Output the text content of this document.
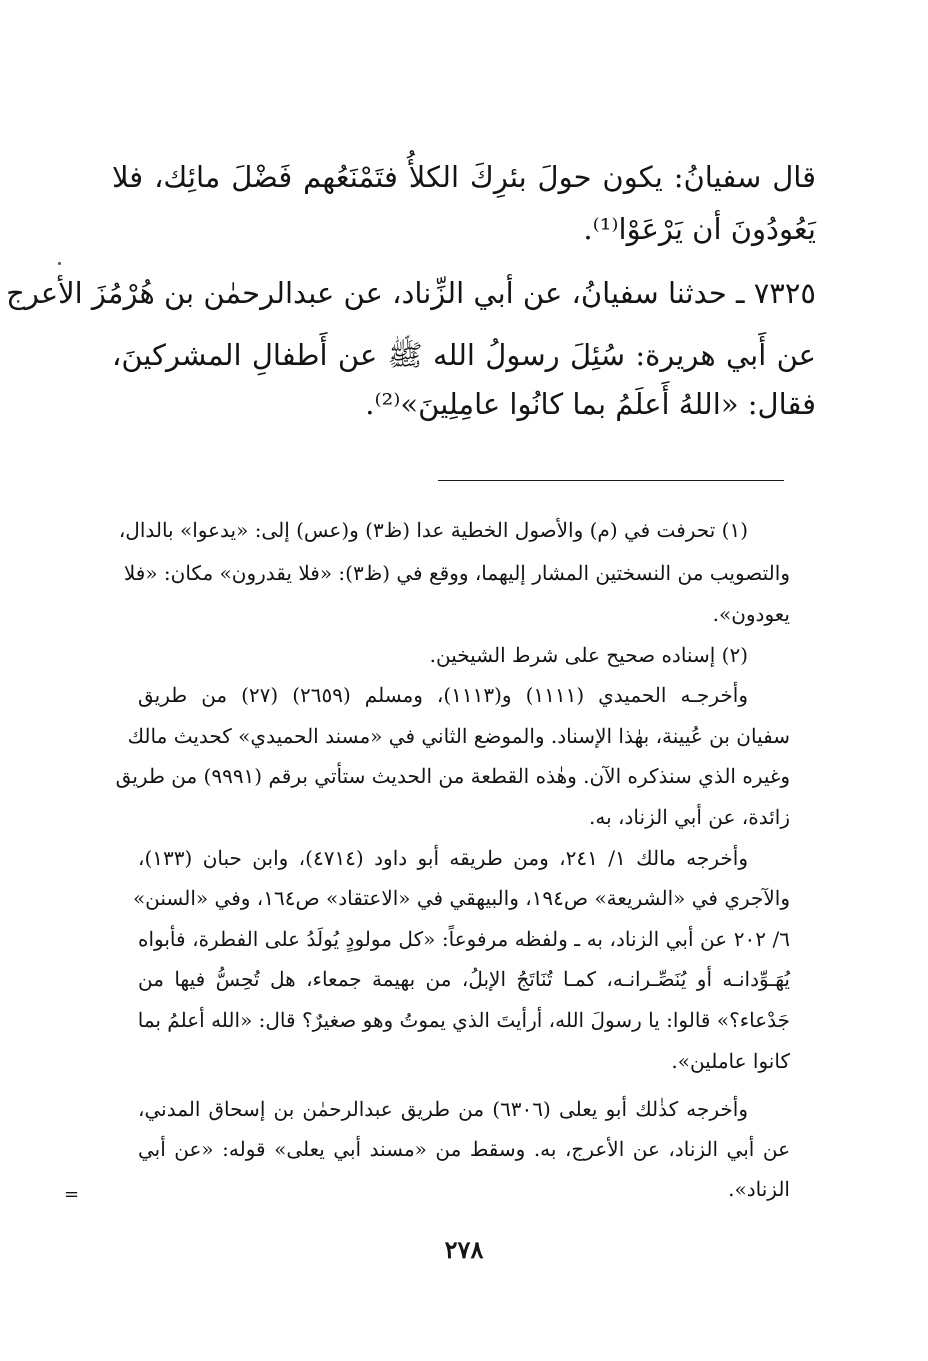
قال سفيانُ: يكون حولَ بئرِكَ الكلأُ فتَمْنَعُهم فَضْلَ مائِك، فلا
يَعُودُونَ أن يَرْعَوْا⁽¹⁾.
٧٣٢٥ ـ حدثنا سفيانُ، عن أبي الزِّناد، عن عبدالرحمٰن بن هُرْمُزَ الأعرج
عن أَبي هريرة: سُئِلَ رسولُ الله ﷺ عن أَطفالِ المشركينَ،
فقال: «اللهُ أَعلَمُ بما كانُوا عامِلِينَ»⁽²⁾.
(١) تحرفت في (م) والأصول الخطية عدا (ظ٣) و(عس) إلى: «يدعوا» بالدال،
والتصويب من النسختين المشار إليهما، ووقع في (ظ٣): «فلا يقدرون» مكان: «فلا
يعودون».
(٢) إسناده صحيح على شرط الشيخين.
وأخرجـه الحميدي (١١١١) و(١١١٣)، ومسلم (٢٦٥٩) (٢٧) من طريق
سفيان بن عُيينة، بهٰذا الإسناد. والموضع الثاني في «مسند الحميدي» كحديث مالك
وغيره الذي سنذكره الآن. وهٰذه القطعة من الحديث ستأتي برقم (٩٩٩١) من طريق
زائدة، عن أبي الزناد، به.
وأخرجه مالك ١/ ٢٤١، ومن طريقه أبو داود (٤٧١٤)، وابن حبان (١٣٣)،
والآجري في «الشريعة» ص١٩٤، والبيهقي في «الاعتقاد» ص١٦٤، وفي «السنن»
٦/ ٢٠٢ عن أبي الزناد، به ـ ولفظه مرفوعاً: «كل مولودٍ يُولَدُ على الفطرة، فأبواه
يُهَـوِّدانـه أو يُنَصِّـرانـه، كمـا تُنَاتَجُ الإبلُ، من بهيمة جمعاء، هل تُحِسُّ فيها من
جَدْعاء؟» قالوا: يا رسولَ الله، أرأيتَ الذي يموتُ وهو صغيرٌ؟ قال: «الله أعلمُ بما
كانوا عاملين».
وأخرجه كذٰلك أبو يعلى (٦٣٠٦) من طريق عبدالرحمٰن بن إسحاق المدني،
عن أبي الزناد، عن الأعرج، به. وسقط من «مسند أبي يعلى» قوله: «عن أبي
الزناد».
=
٢٧٨
